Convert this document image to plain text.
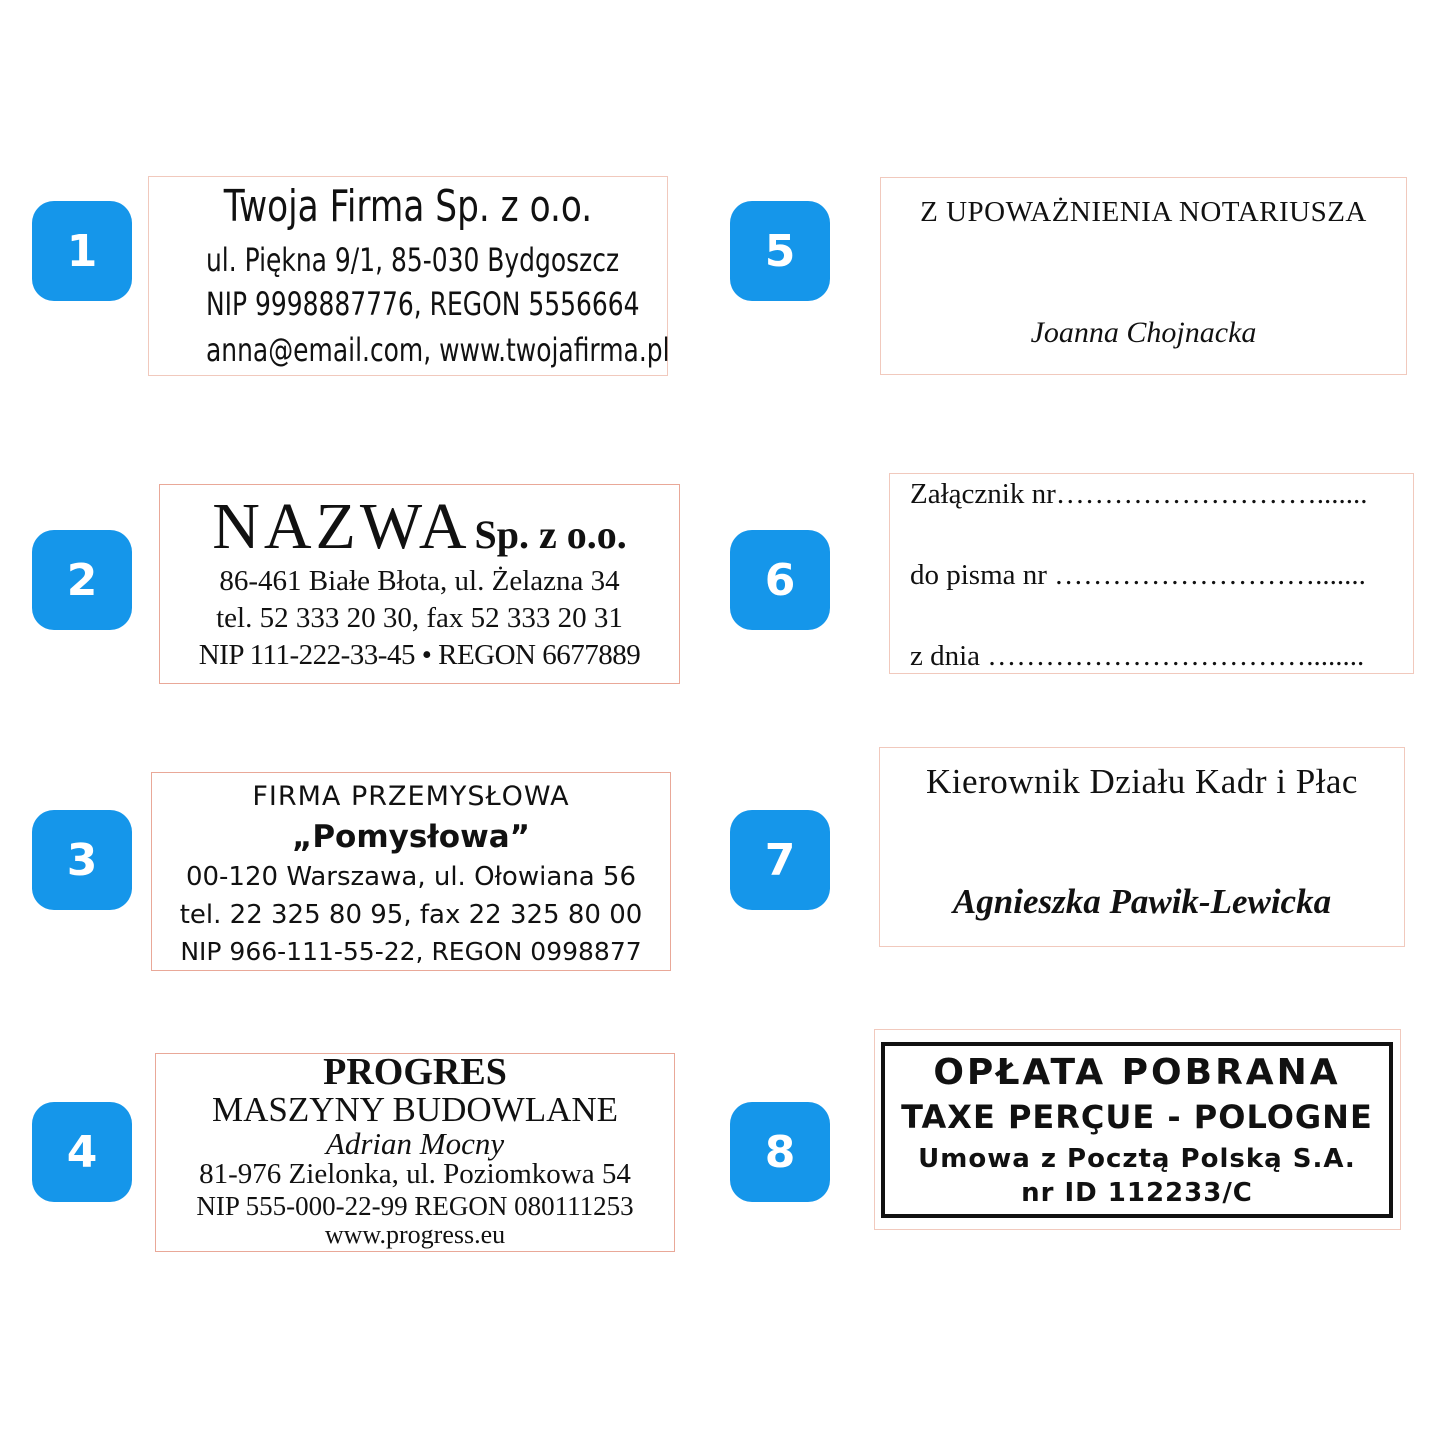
1
2
3
4
5
6
7
8
Twoja Firma Sp. z o.o.
ul. Piękna 9/1, 85-030 Bydgoszcz
NIP 9998887776, REGON 5556664
anna@email.com, www.twojafirma.pl
NAZWA Sp. z o.o.
86-461 Białe Błota, ul. Żelazna 34
tel. 52 333 20 30, fax 52 333 20 31
NIP 111-222-33-45 • REGON 6677889
FIRMA PRZEMYSŁOWA
„Pomysłowa”
00-120 Warszawa, ul. Ołowiana 56
tel. 22 325 80 95, fax 22 325 80 00
NIP 966-111-55-22, REGON 0998877
PROGRES
MASZYNY BUDOWLANE
Adrian Mocny
81-976 Zielonka, ul. Poziomkowa 54
NIP 555-000-22-99 REGON 080111253
www.progress.eu
Z UPOWAŻNIENIA NOTARIUSZA
Joanna Chojnacka
Załącznik nr……………………….......
do pisma nr ……………………….......
z dnia ……………………………........
Kierownik Działu Kadr i Płac
Agnieszka Pawik-Lewicka
OPŁATA POBRANA
TAXE PERÇUE - POLOGNE
Umowa z Pocztą Polską S.A.
nr ID 112233/C
